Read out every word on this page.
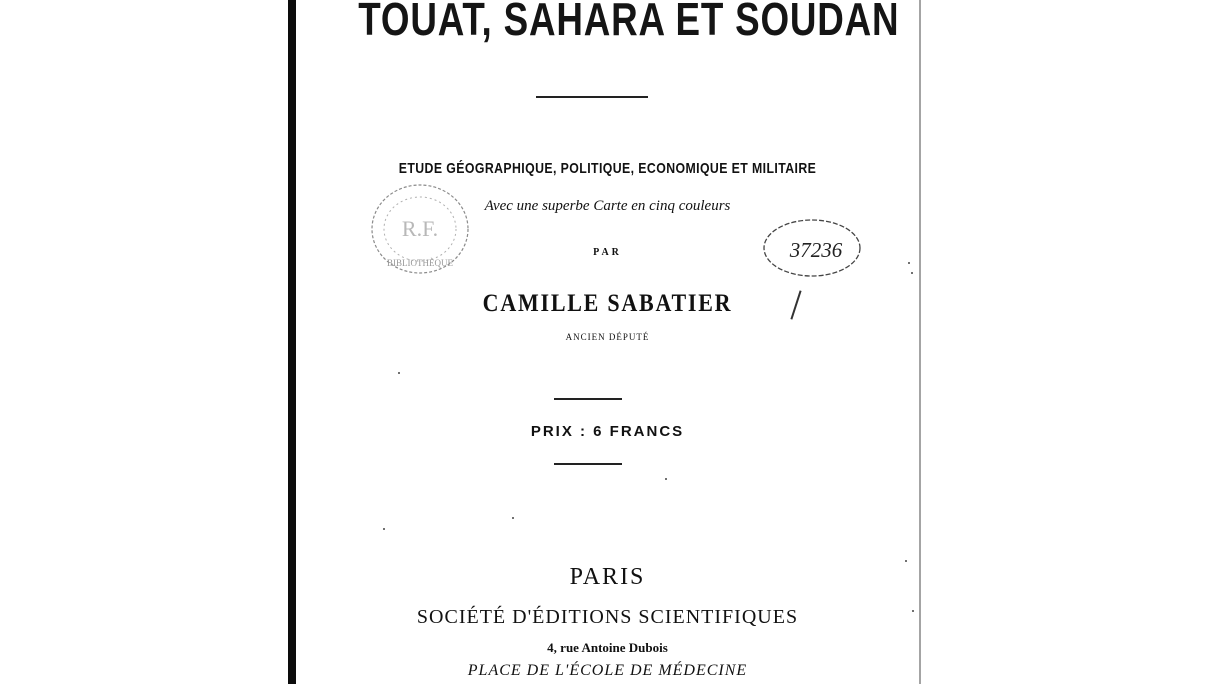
TOUAT, SAHARA ET SOUDAN
ETUDE GÉOGRAPHIQUE, POLITIQUE, ECONOMIQUE ET MILITAIRE
Avec une superbe Carte en cinq couleurs
PAR
CAMILLE SABATIER
ANCIEN DÉPUTÉ
PRIX : 6 FRANCS
PARIS
SOCIÉTÉ D'ÉDITIONS SCIENTIFIQUES
4, rue Antoine Dubois
PLACE DE L'ÉCOLE DE MÉDECINE
R.F.
BIBLIOTHÈQUE
37236
